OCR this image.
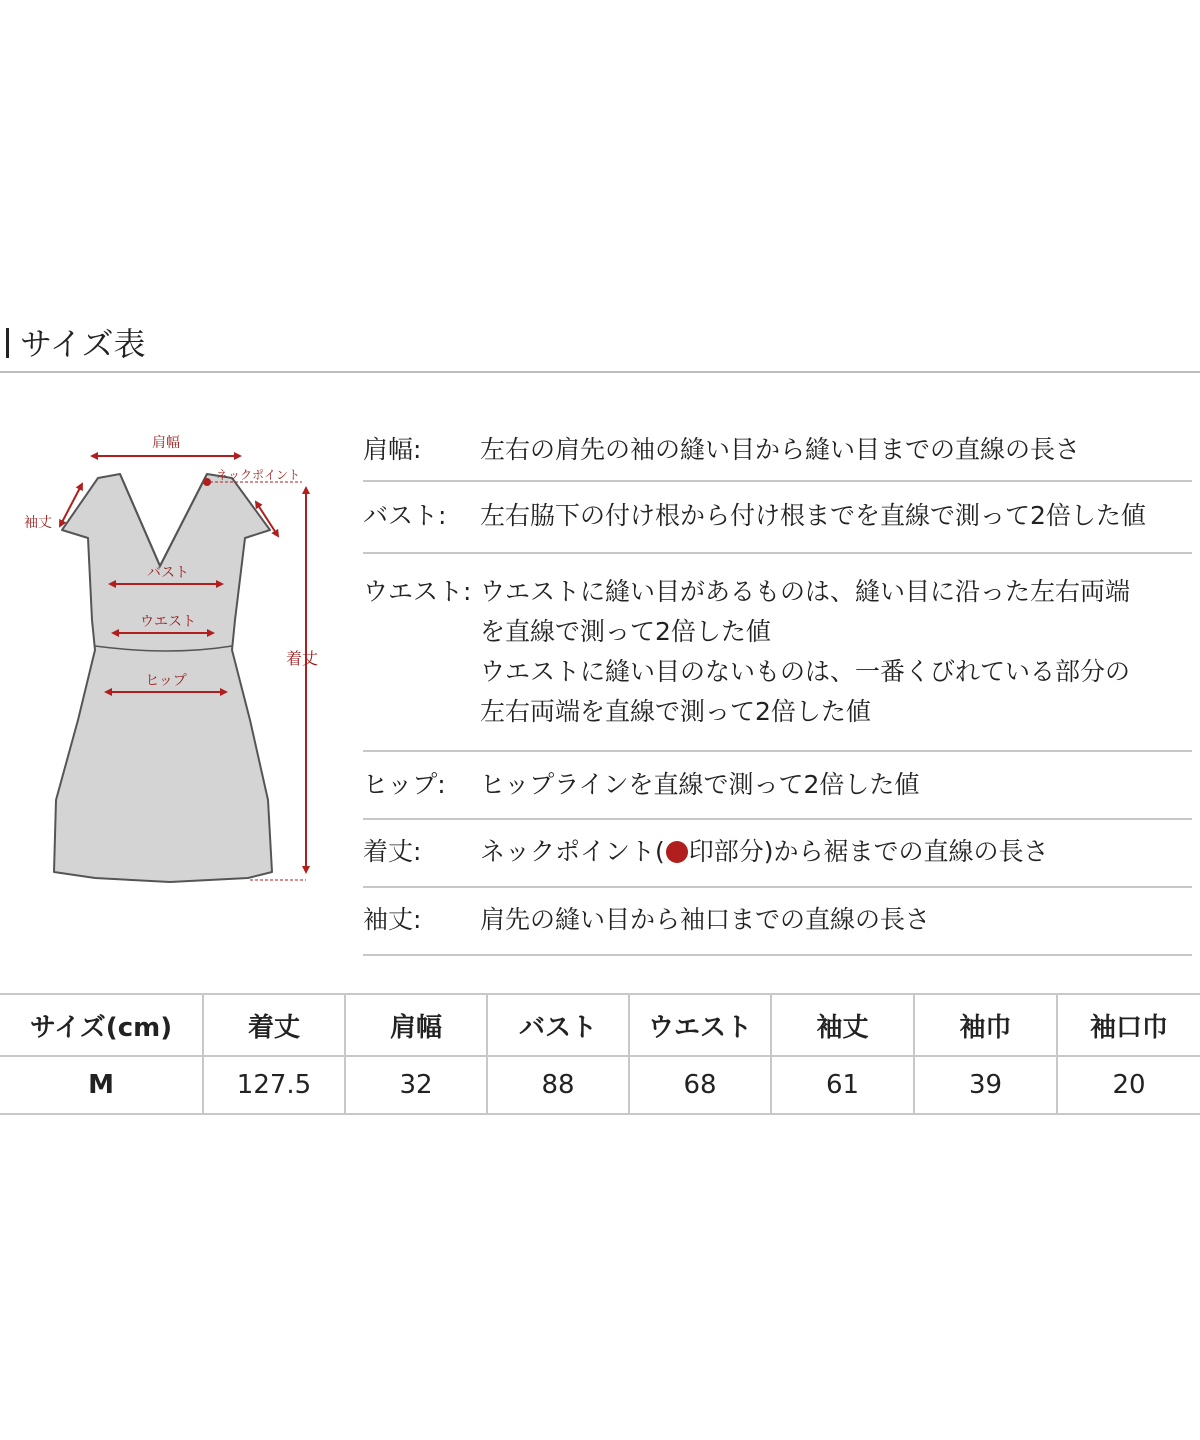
サイズ表
肩幅
ネックポイント
袖丈
バスト
ウエスト
ヒップ
着丈
肩幅: 左右の肩先の袖の縫い目から縫い目までの直線の長さ
バスト: 左右脇下の付け根から付け根までを直線で測って2倍した値
ウエスト: ウエストに縫い目があるものは、縫い目に沿った左右両端
を直線で測って2倍した値
ウエストに縫い目のないものは、一番くびれている部分の
左右両端を直線で測って2倍した値
ヒップ: ヒップラインを直線で測って2倍した値
着丈: ネックポイント( 印部分)から裾までの直線の長さ
袖丈: 肩先の縫い目から袖口までの直線の長さ
サイズ(cm)	着丈	肩幅	バスト	ウエスト	袖丈	袖巾	袖口巾
M	127.5	32	88	68	61	39	20
